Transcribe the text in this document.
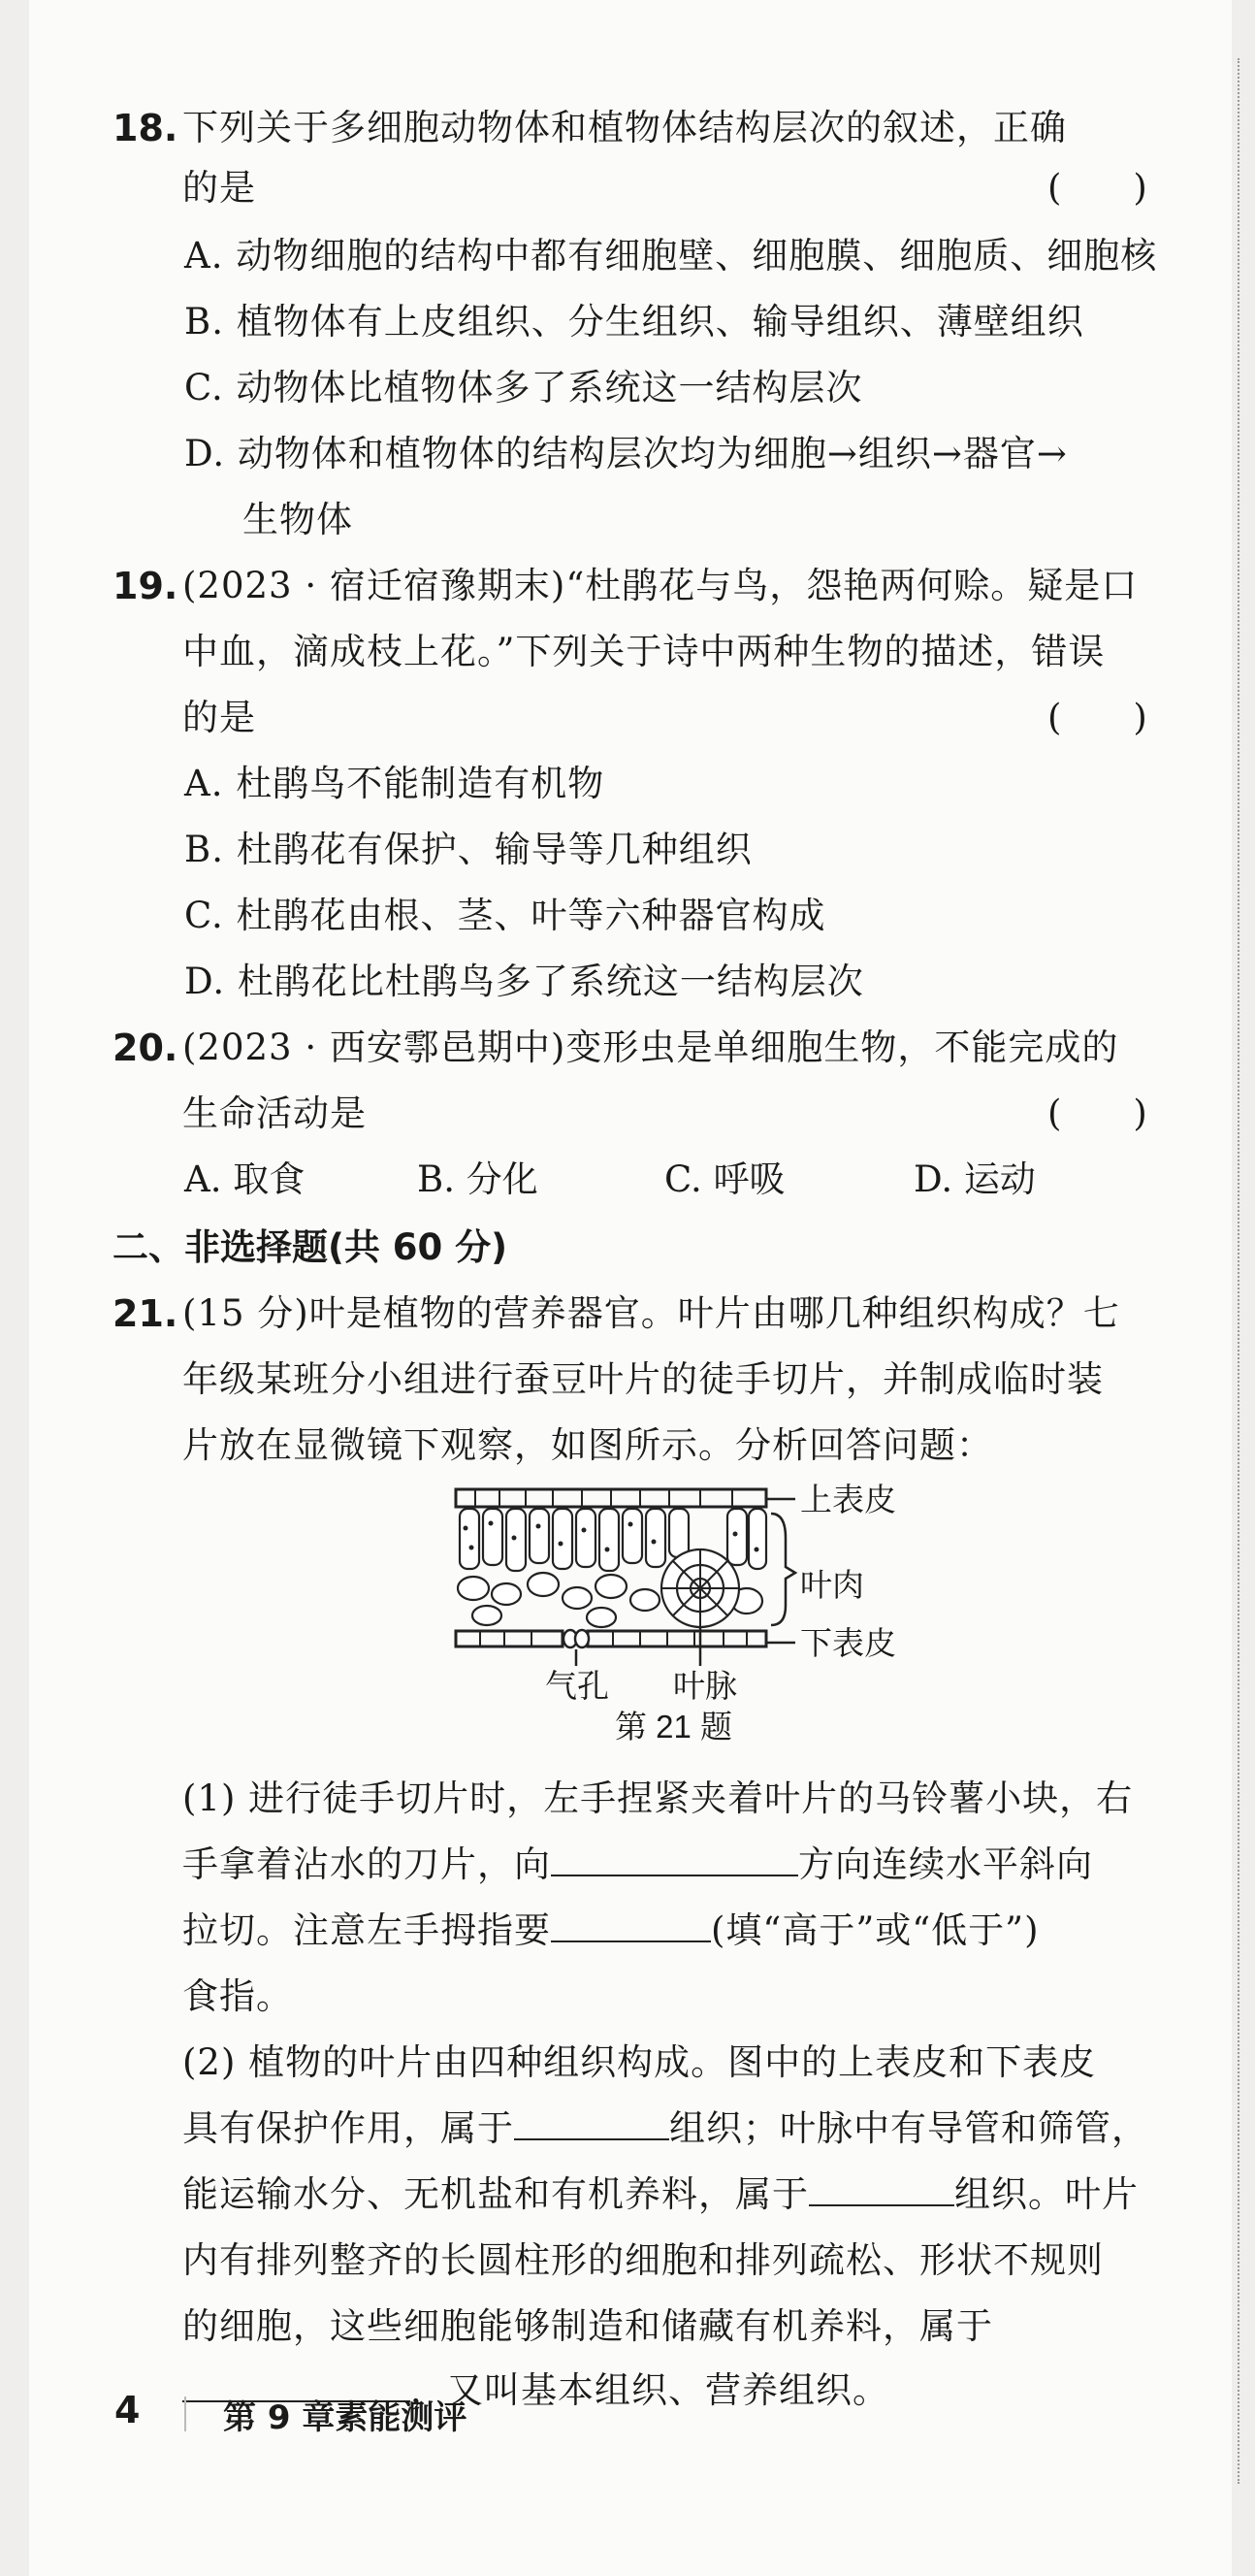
18. 下列关于多细胞动物体和植物体结构层次的叙述，正确
的是	(　　)
A. 动物细胞的结构中都有细胞壁、细胞膜、细胞质、细胞核
B. 植物体有上皮组织、分生组织、输导组织、薄壁组织
C. 动物体比植物体多了系统这一结构层次
D. 动物体和植物体的结构层次均为细胞→组织→器官→
生物体
19. (2023 · 宿迁宿豫期末)“杜鹃花与鸟，怨艳两何赊。疑是口
中血，滴成枝上花。”下列关于诗中两种生物的描述，错误
的是	(　　)
A. 杜鹃鸟不能制造有机物
B. 杜鹃花有保护、输导等几种组织
C. 杜鹃花由根、茎、叶等六种器官构成
D. 杜鹃花比杜鹃鸟多了系统这一结构层次
20. (2023 · 西安鄠邑期中)变形虫是单细胞生物，不能完成的
生命活动是	(　　)
A. 取食	B. 分化	C. 呼吸	D. 运动
二、非选择题(共 60 分)
21. (15 分)叶是植物的营养器官。叶片由哪几种组织构成？七
年级某班分小组进行蚕豆叶片的徒手切片，并制成临时装
片放在显微镜下观察，如图所示。分析回答问题：
上表皮
叶肉
下表皮
气孔 叶脉
第 21 题
(1) 进行徒手切片时，左手捏紧夹着叶片的马铃薯小块，右
手拿着沾水的刀片，向	方向连续水平斜向
拉切。注意左手拇指要	(填“高于”或“低于”)
食指。
(2) 植物的叶片由四种组织构成。图中的上表皮和下表皮
具有保护作用，属于	组织；叶脉中有导管和筛管，
能运输水分、无机盐和有机养料，属于	组织。叶片
内有排列整齐的长圆柱形的细胞和排列疏松、形状不规则
的细胞，这些细胞能够制造和储藏有机养料，属于
，又叫基本组织、营养组织。
4	第 9 章素能测评
